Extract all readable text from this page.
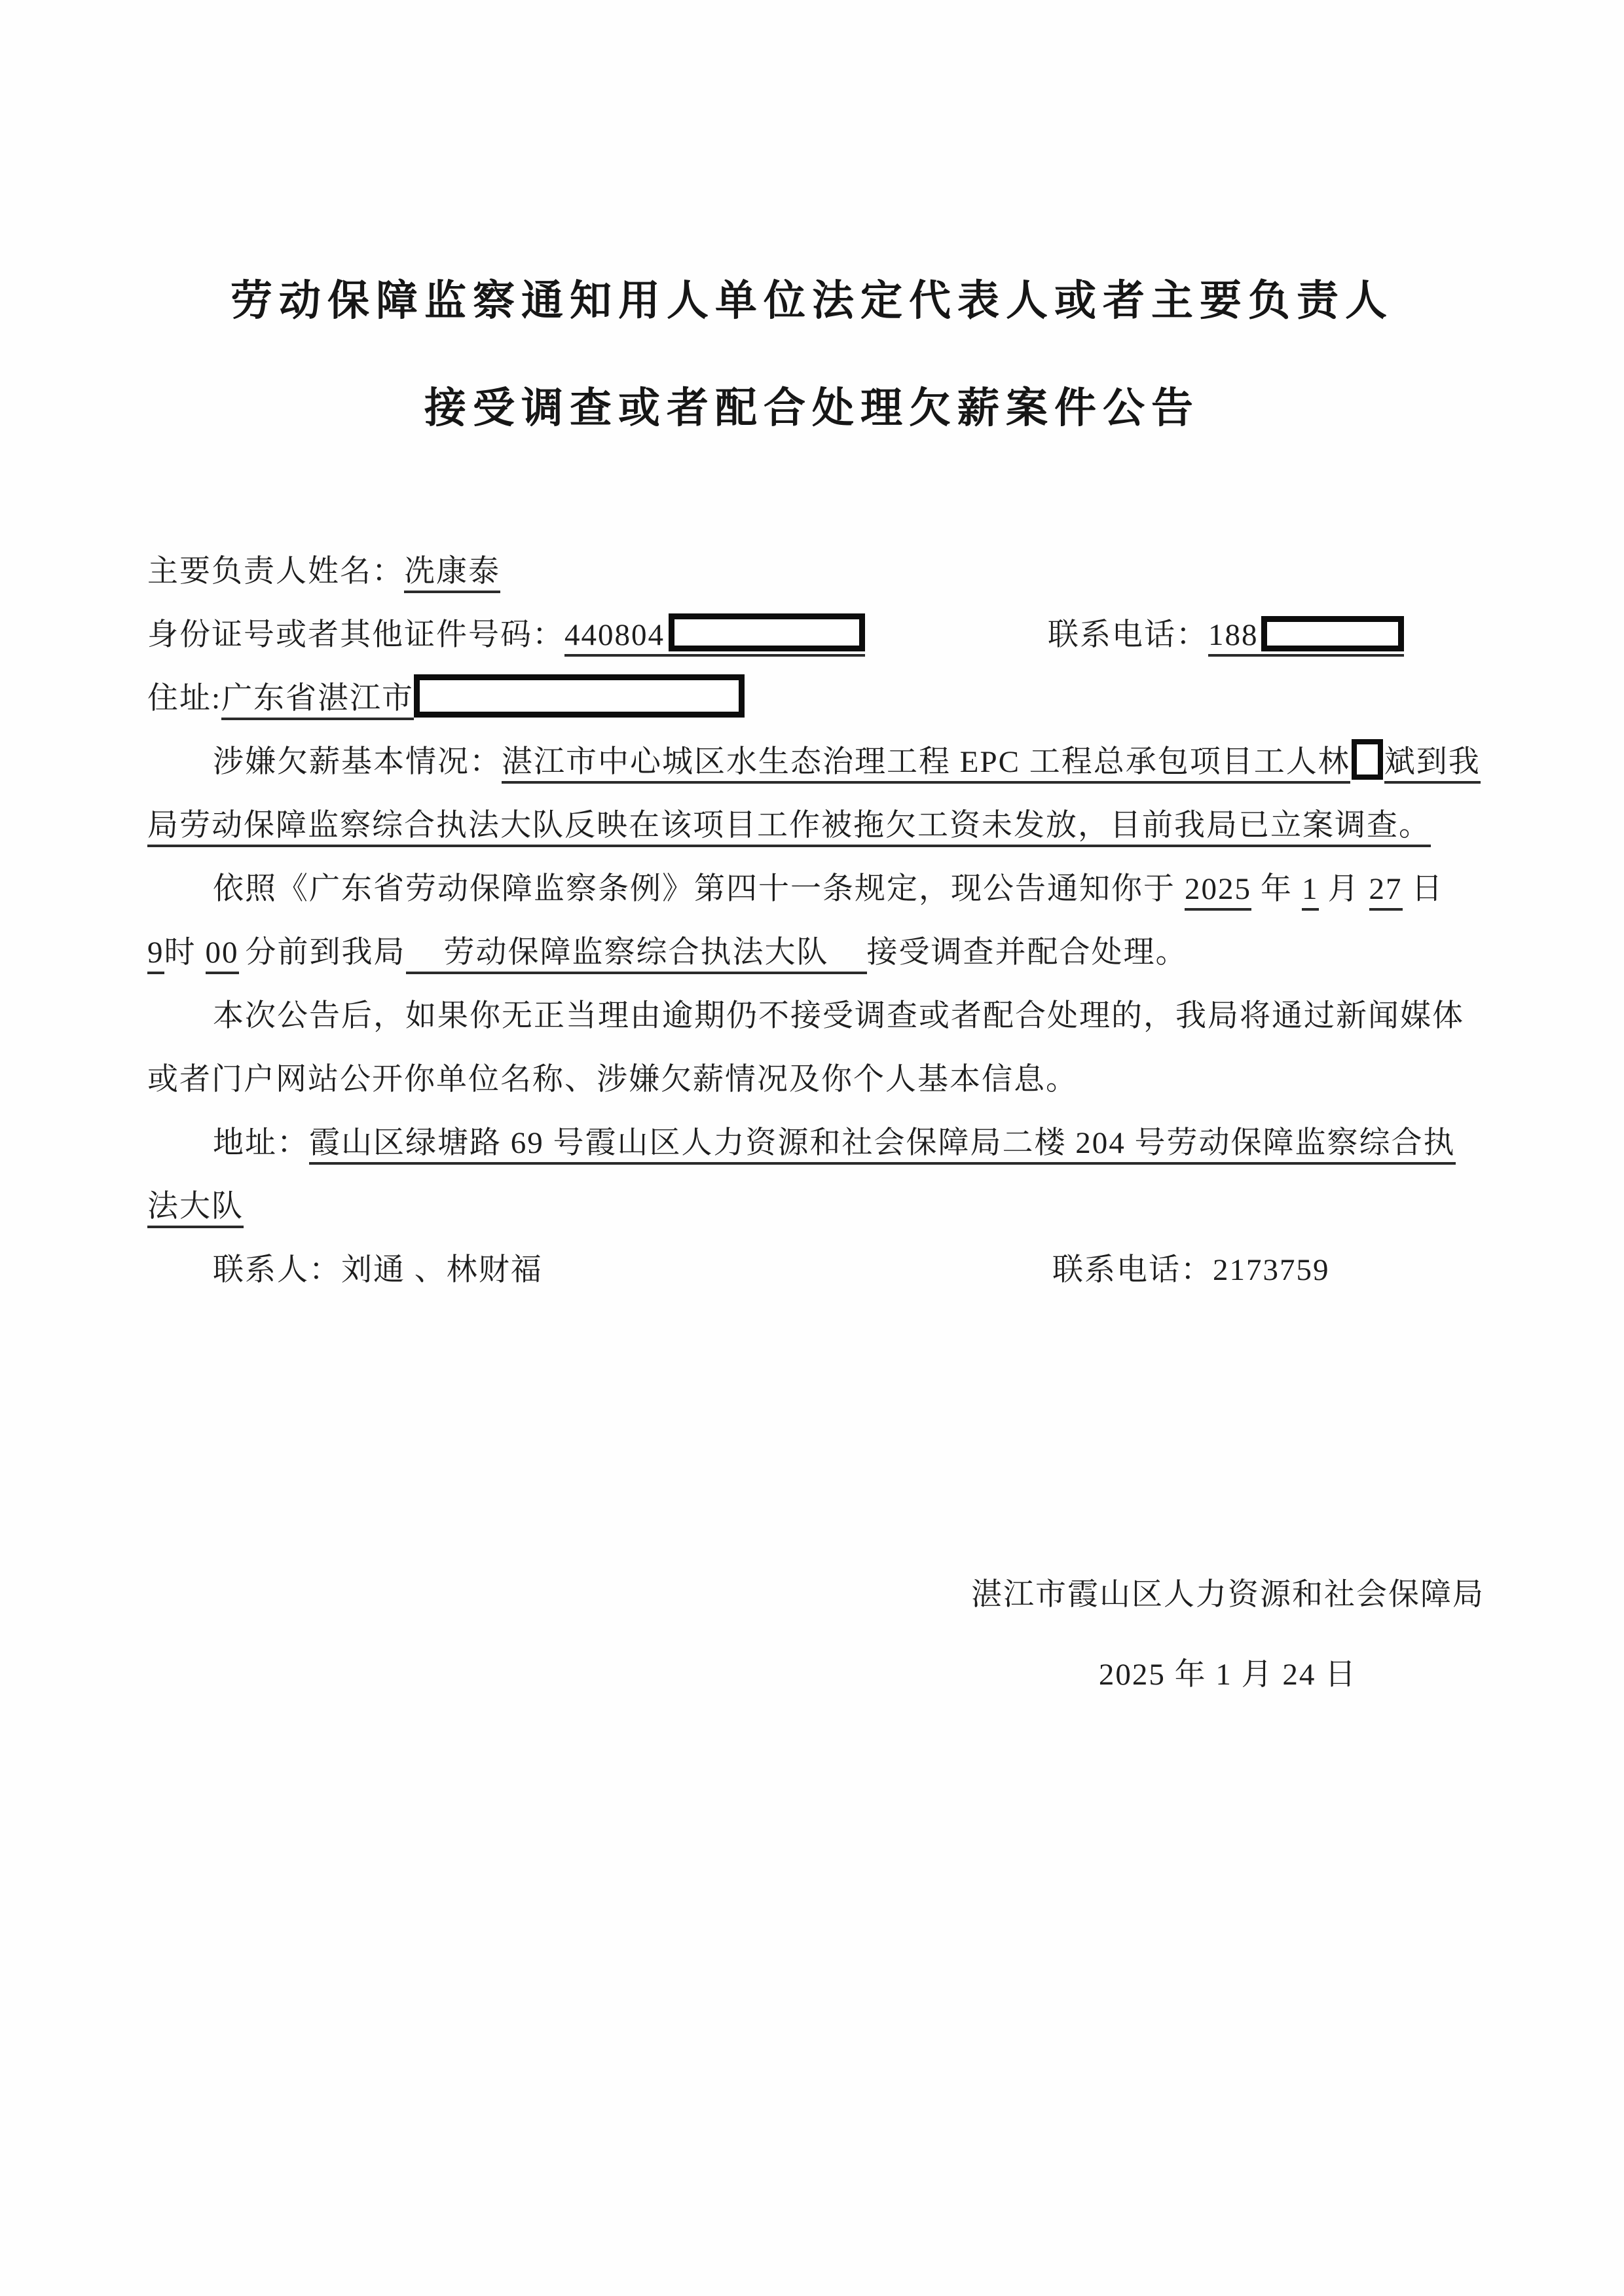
劳动保障监察通知用人单位法定代表人或者主要负责人
接受调查或者配合处理欠薪案件公告
主要负责人姓名：冼康泰
身份证号或者其他证件号码：440804	联系电话：188
住址:广东省湛江市
涉嫌欠薪基本情况：湛江市中心城区水生态治理工程 EPC 工程总承包项目工人林 斌到我
局劳动保障监察综合执法大队反映在该项目工作被拖欠工资未发放，目前我局已立案调查。
依照《广东省劳动保障监察条例》第四十一条规定，现公告通知你于 2025 年 1 月 27 日
9时 00 分前到我局 劳动保障监察综合执法大队 接受调查并配合处理。
本次公告后，如果你无正当理由逾期仍不接受调查或者配合处理的，我局将通过新闻媒体
或者门户网站公开你单位名称、涉嫌欠薪情况及你个人基本信息。
地址：霞山区绿塘路 69 号霞山区人力资源和社会保障局二楼 204 号劳动保障监察综合执
法大队
联系人：刘通 、林财福	联系电话：2173759
湛江市霞山区人力资源和社会保障局
2025 年 1 月 24 日
